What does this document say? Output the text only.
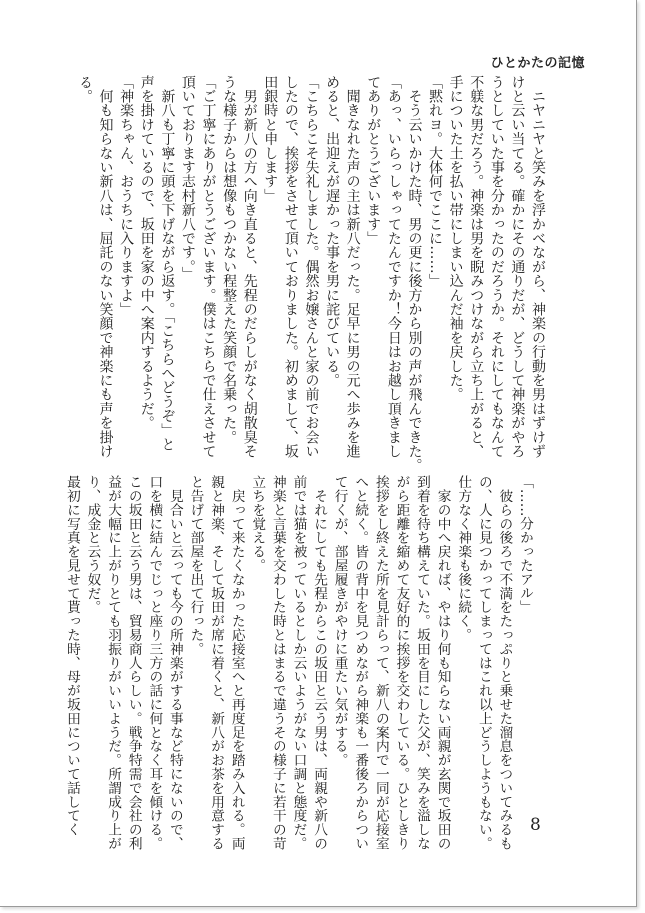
ひとかたの記憶
　ニヤニヤと笑みを浮かべながら、神楽の行動を男はずけず
けと云い当てる。確かにその通りだが、どうして神楽がやろ
うとしていた事を分かったのだろうか。それにしてもなんて
不躾な男だろう。神楽は男を睨みつけながら立ち上がると、
手についた土を払い帯にしまい込んだ袖を戻した。
「黙れヨ。大体何でここに……」
　そう云いかけた時、男の更に後方から別の声が飛んできた。
「あっ、いらっしゃってたんですか！今日はお越し頂きまし
てありがとうございます」
　聞きなれた声の主は新八だった。足早に男の元へ歩みを進
めると、出迎えが遅かった事を男に詫びている。
「こちらこそ失礼しました。偶然お嬢さんと家の前でお会い
したので、挨拶をさせて頂いておりました。初めまして、坂
田銀時と申します」
　男が新八の方へ向き直ると、先程のだらしがなく胡散臭そ
うな様子からは想像もつかない程整えた笑顔で名乗った。
「ご丁寧にありがとうございます。僕はこちらで仕えさせて
頂いております志村新八です。」
　新八も丁寧に頭を下げながら返す。「こちらへどうぞ」と
声を掛けているので、坂田を家の中へ案内するようだ。
「神楽ちゃん、おうちに入りますよ」
　何も知らない新八は、屈託のない笑顔で神楽にも声を掛け
る。
「……分かったアル」
　彼らの後ろで不満をたっぷりと乗せた溜息をついてみるも
の、人に見つかってしまってはこれ以上どうしようもない。
仕方なく神楽も後に続く。
　家の中へ戻れば、やはり何も知らない両親が玄関で坂田の
到着を待ち構えていた。坂田を目にした父が、笑みを溢しな
がら距離を縮めて友好的に挨拶を交わしている。ひとしきり
挨拶をし終えた所を見計らって、新八の案内で一同が応接室
へと続く。皆の背中を見つめながら神楽も一番後ろからつい
て行くが、部屋履きがやけに重たい気がする。
　それにしても先程からこの坂田と云う男は、両親や新八の
前では猫を被っているとしか云いようがない口調と態度だ。
神楽と言葉を交わした時とはまるで違うその様子に若干の苛
立ちを覚える。
　戻って来たくなかった応接室へと再度足を踏み入れる。両
親と神楽、そして坂田が席に着くと、新八がお茶を用意する
と告げて部屋を出て行った。
　見合いと云っても今の所神楽がする事など特にないので、
口を横に結んでじっと座り三方の話に何となく耳を傾ける。
この坂田と云う男は、貿易商人らしい。戦争特需で会社の利
益が大幅に上がりとても羽振りがいいようだ。所謂成り上が
り、成金と云う奴だ。
最初に写真を見せて貰った時、母が坂田について話してく	8
